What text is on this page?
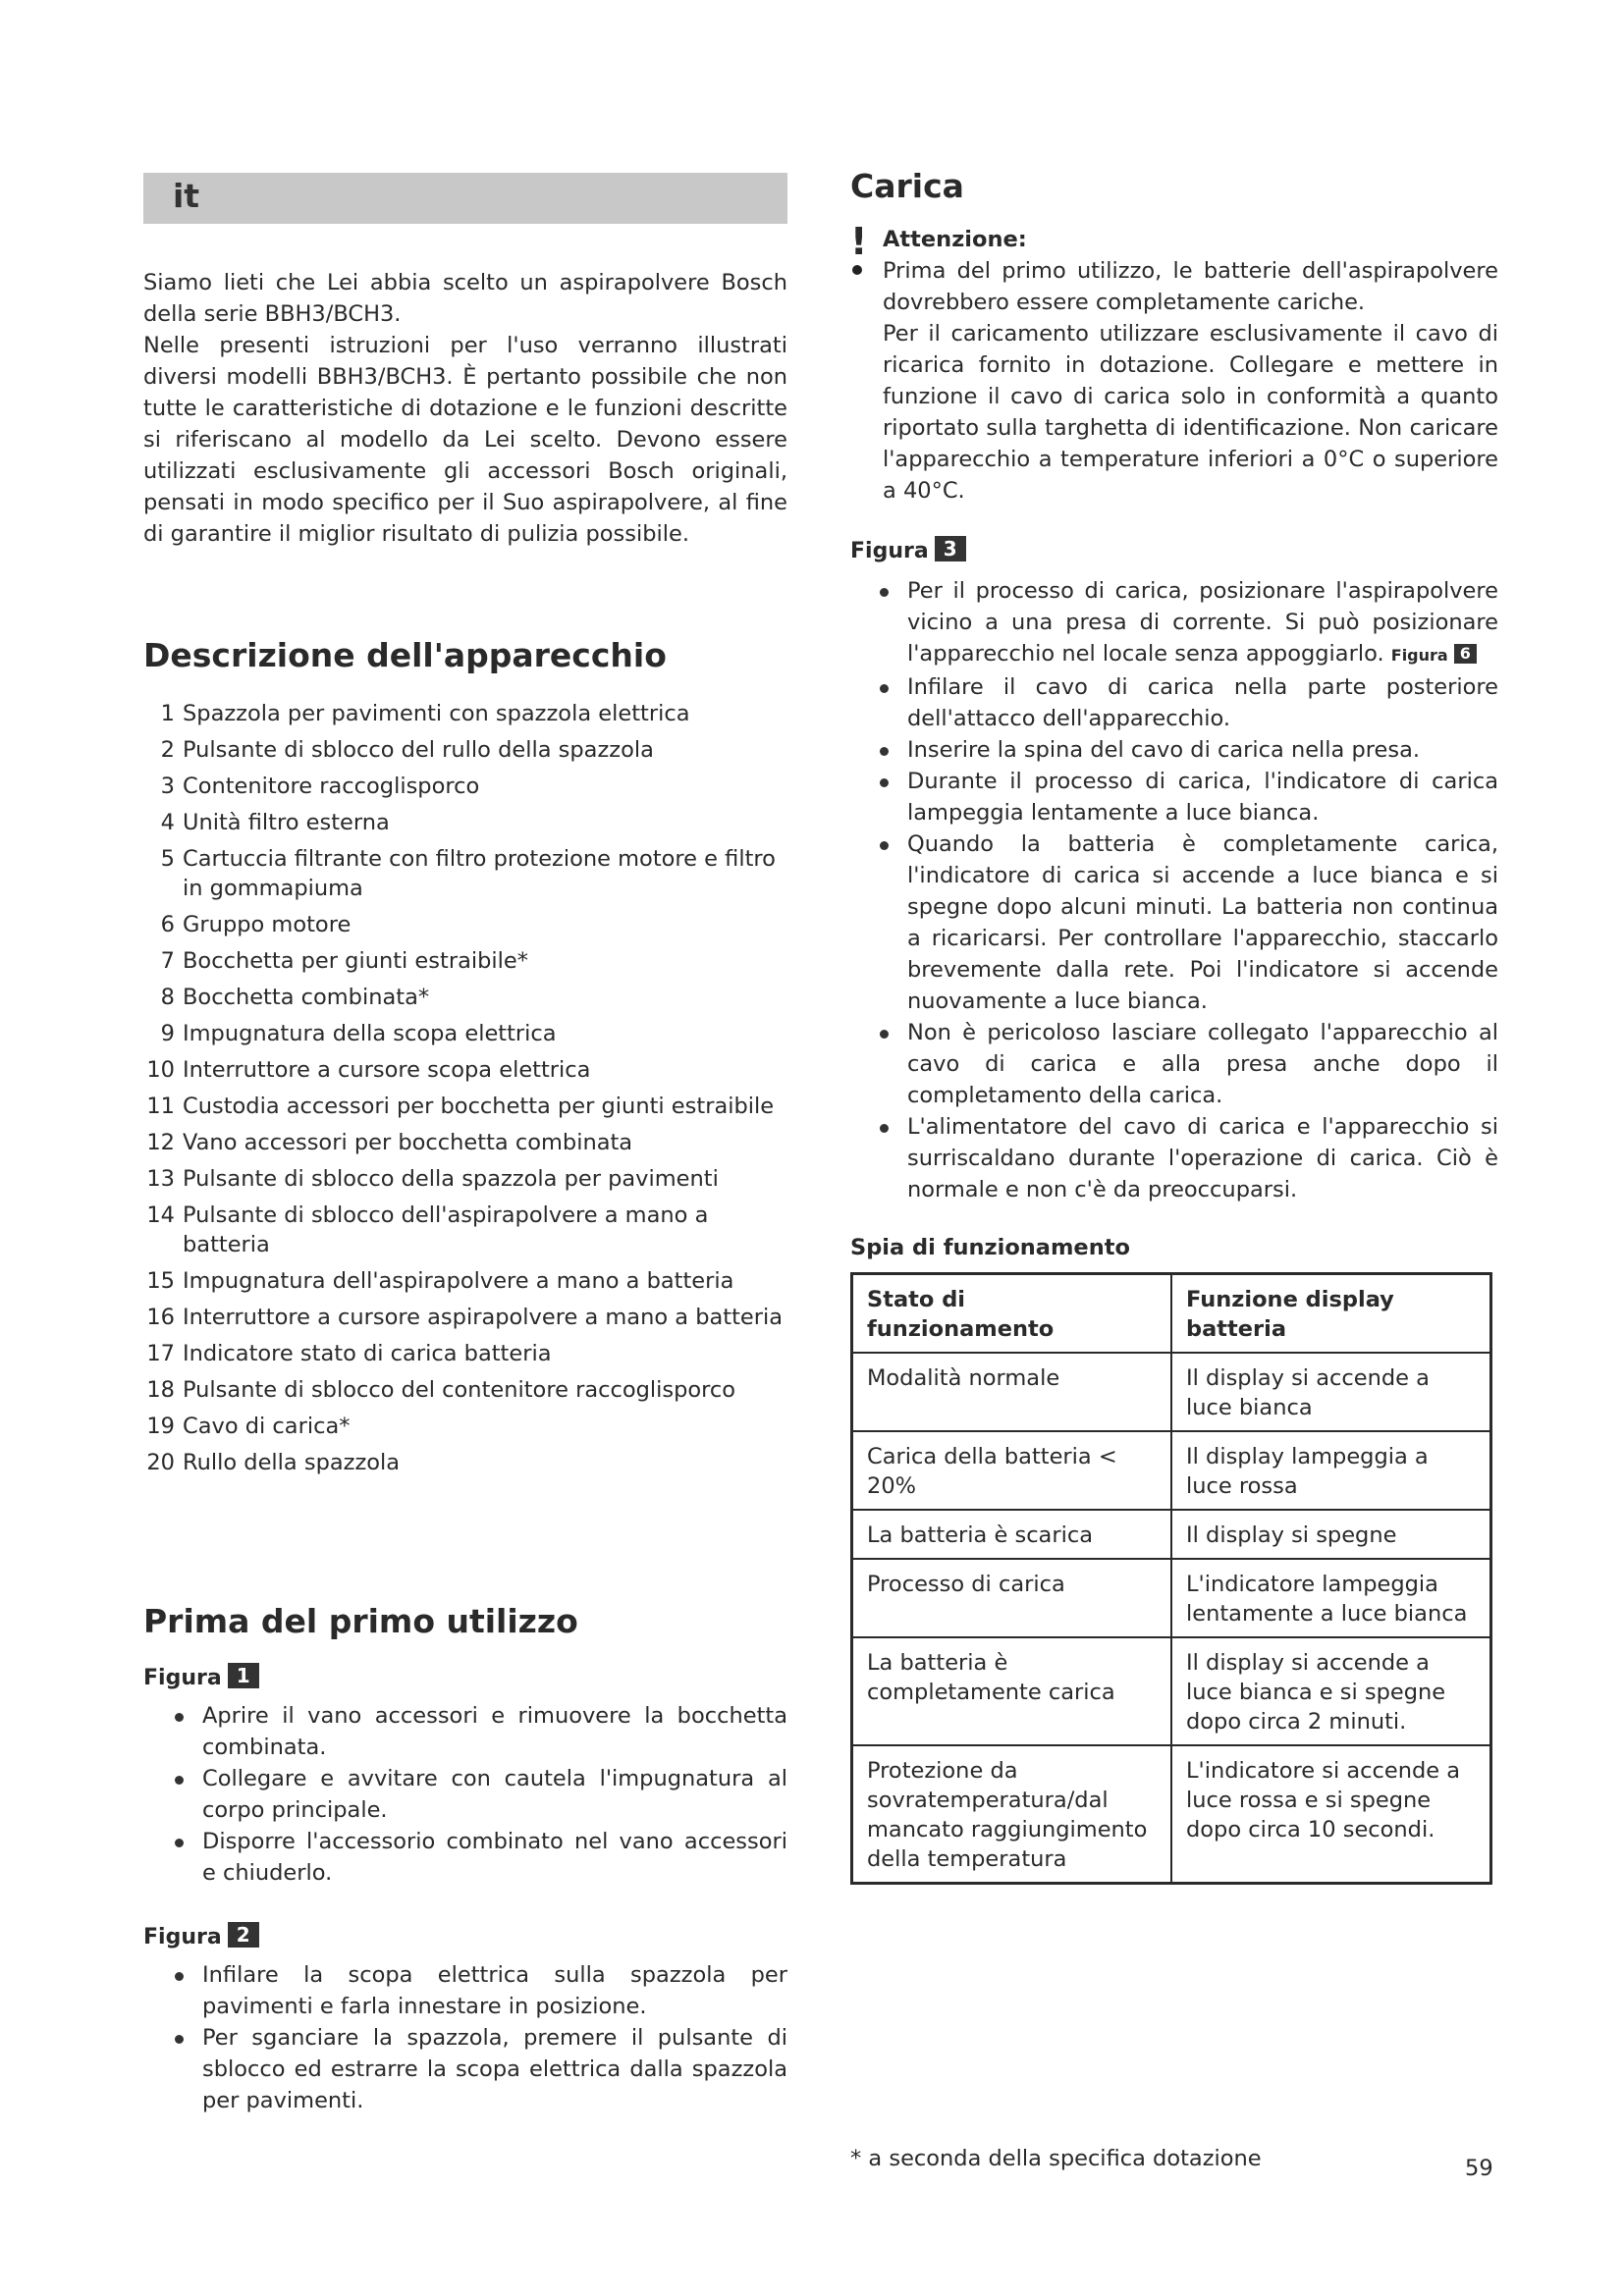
it

Siamo lieti che Lei abbia scelto un aspirapolvere Bosch della serie BBH3/BCH3.

Nelle presenti istruzioni per l'uso verranno illustrati diversi modelli BBH3/BCH3. È pertanto possibile che non tutte le caratteristiche di dotazione e le funzioni descritte si riferiscano al modello da Lei scelto. Devono essere utilizzati esclusivamente gli accessori Bosch originali, pensati in modo specifico per il Suo aspirapolvere, al fine di garantire il miglior risultato di pulizia possibile.

Descrizione dell'apparecchio
1 Spazzola per pavimenti con spazzola elettrica
2 Pulsante di sblocco del rullo della spazzola
3 Contenitore raccoglisporco
4 Unità filtro esterna
5 Cartuccia filtrante con filtro protezione motore e filtro in gommapiuma
6 Gruppo motore
7 Bocchetta per giunti estraibile*
8 Bocchetta combinata*
9 Impugnatura della scopa elettrica
10 Interruttore a cursore scopa elettrica
11 Custodia accessori per bocchetta per giunti estraibile
12 Vano accessori per bocchetta combinata
13 Pulsante di sblocco della spazzola per pavimenti
14 Pulsante di sblocco dell'aspirapolvere a mano a batteria
15 Impugnatura dell'aspirapolvere a mano a batteria
16 Interruttore a cursore aspirapolvere a mano a batteria
17 Indicatore stato di carica batteria
18 Pulsante di sblocco del contenitore raccoglisporco
19 Cavo di carica*
20 Rullo della spazzola
Prima del primo utilizzo
Figura 1
Aprire il vano accessori e rimuovere la bocchetta combinata.
Collegare e avvitare con cautela l'impugnatura al corpo principale.
Disporre l'accessorio combinato nel vano accessori e chiuderlo.
Figura 2
Infilare la scopa elettrica sulla spazzola per pavimenti e farla innestare in posizione.
Per sganciare la spazzola, premere il pulsante di sblocco ed estrarre la scopa elettrica dalla spazzola per pavimenti.
Carica
! Attenzione:

Prima del primo utilizzo, le batterie dell'aspirapolvere dovrebbero essere completamente cariche.

Per il caricamento utilizzare esclusivamente il cavo di ricarica fornito in dotazione. Collegare e mettere in funzione il cavo di carica solo in conformità a quanto riportato sulla targhetta di identificazione. Non caricare l'apparecchio a temperature inferiori a 0°C o superiore a 40°C.

Figura 3
Per il processo di carica, posizionare l'aspirapolvere vicino a una presa di corrente. Si può posizionare l'apparecchio nel locale senza appoggiarlo. Figura 6
Infilare il cavo di carica nella parte posteriore dell'attacco dell'apparecchio.
Inserire la spina del cavo di carica nella presa.
Durante il processo di carica, l'indicatore di carica lampeggia lentamente a luce bianca.
Quando la batteria è completamente carica, l'indicatore di carica si accende a luce bianca e si spegne dopo alcuni minuti. La batteria non continua a ricaricarsi. Per controllare l'apparecchio, staccarlo brevemente dalla rete. Poi l'indicatore si accende nuovamente a luce bianca.
Non è pericoloso lasciare collegato l'apparecchio al cavo di carica e alla presa anche dopo il completamento della carica.
L'alimentatore del cavo di carica e l'apparecchio si surriscaldano durante l'operazione di carica. Ciò è normale e non c'è da preoccuparsi.
Spia di funzionamento
Stato di funzionamento	Funzione display batteria
Modalità normale	Il display si accende a luce bianca
Carica della batteria < 20%	Il display lampeggia a luce rossa
La batteria è scarica	Il display si spegne
Processo di carica	L'indicatore lampeggia lentamente a luce bianca
La batteria è completamente carica	Il display si accende a luce bianca e si spegne dopo circa 2 minuti.
Protezione da sovratemperatura/dal mancato raggiungimento della temperatura	L'indicatore si accende a luce rossa e si spegne dopo circa 10 secondi.
* a seconda della specifica dotazione	59
